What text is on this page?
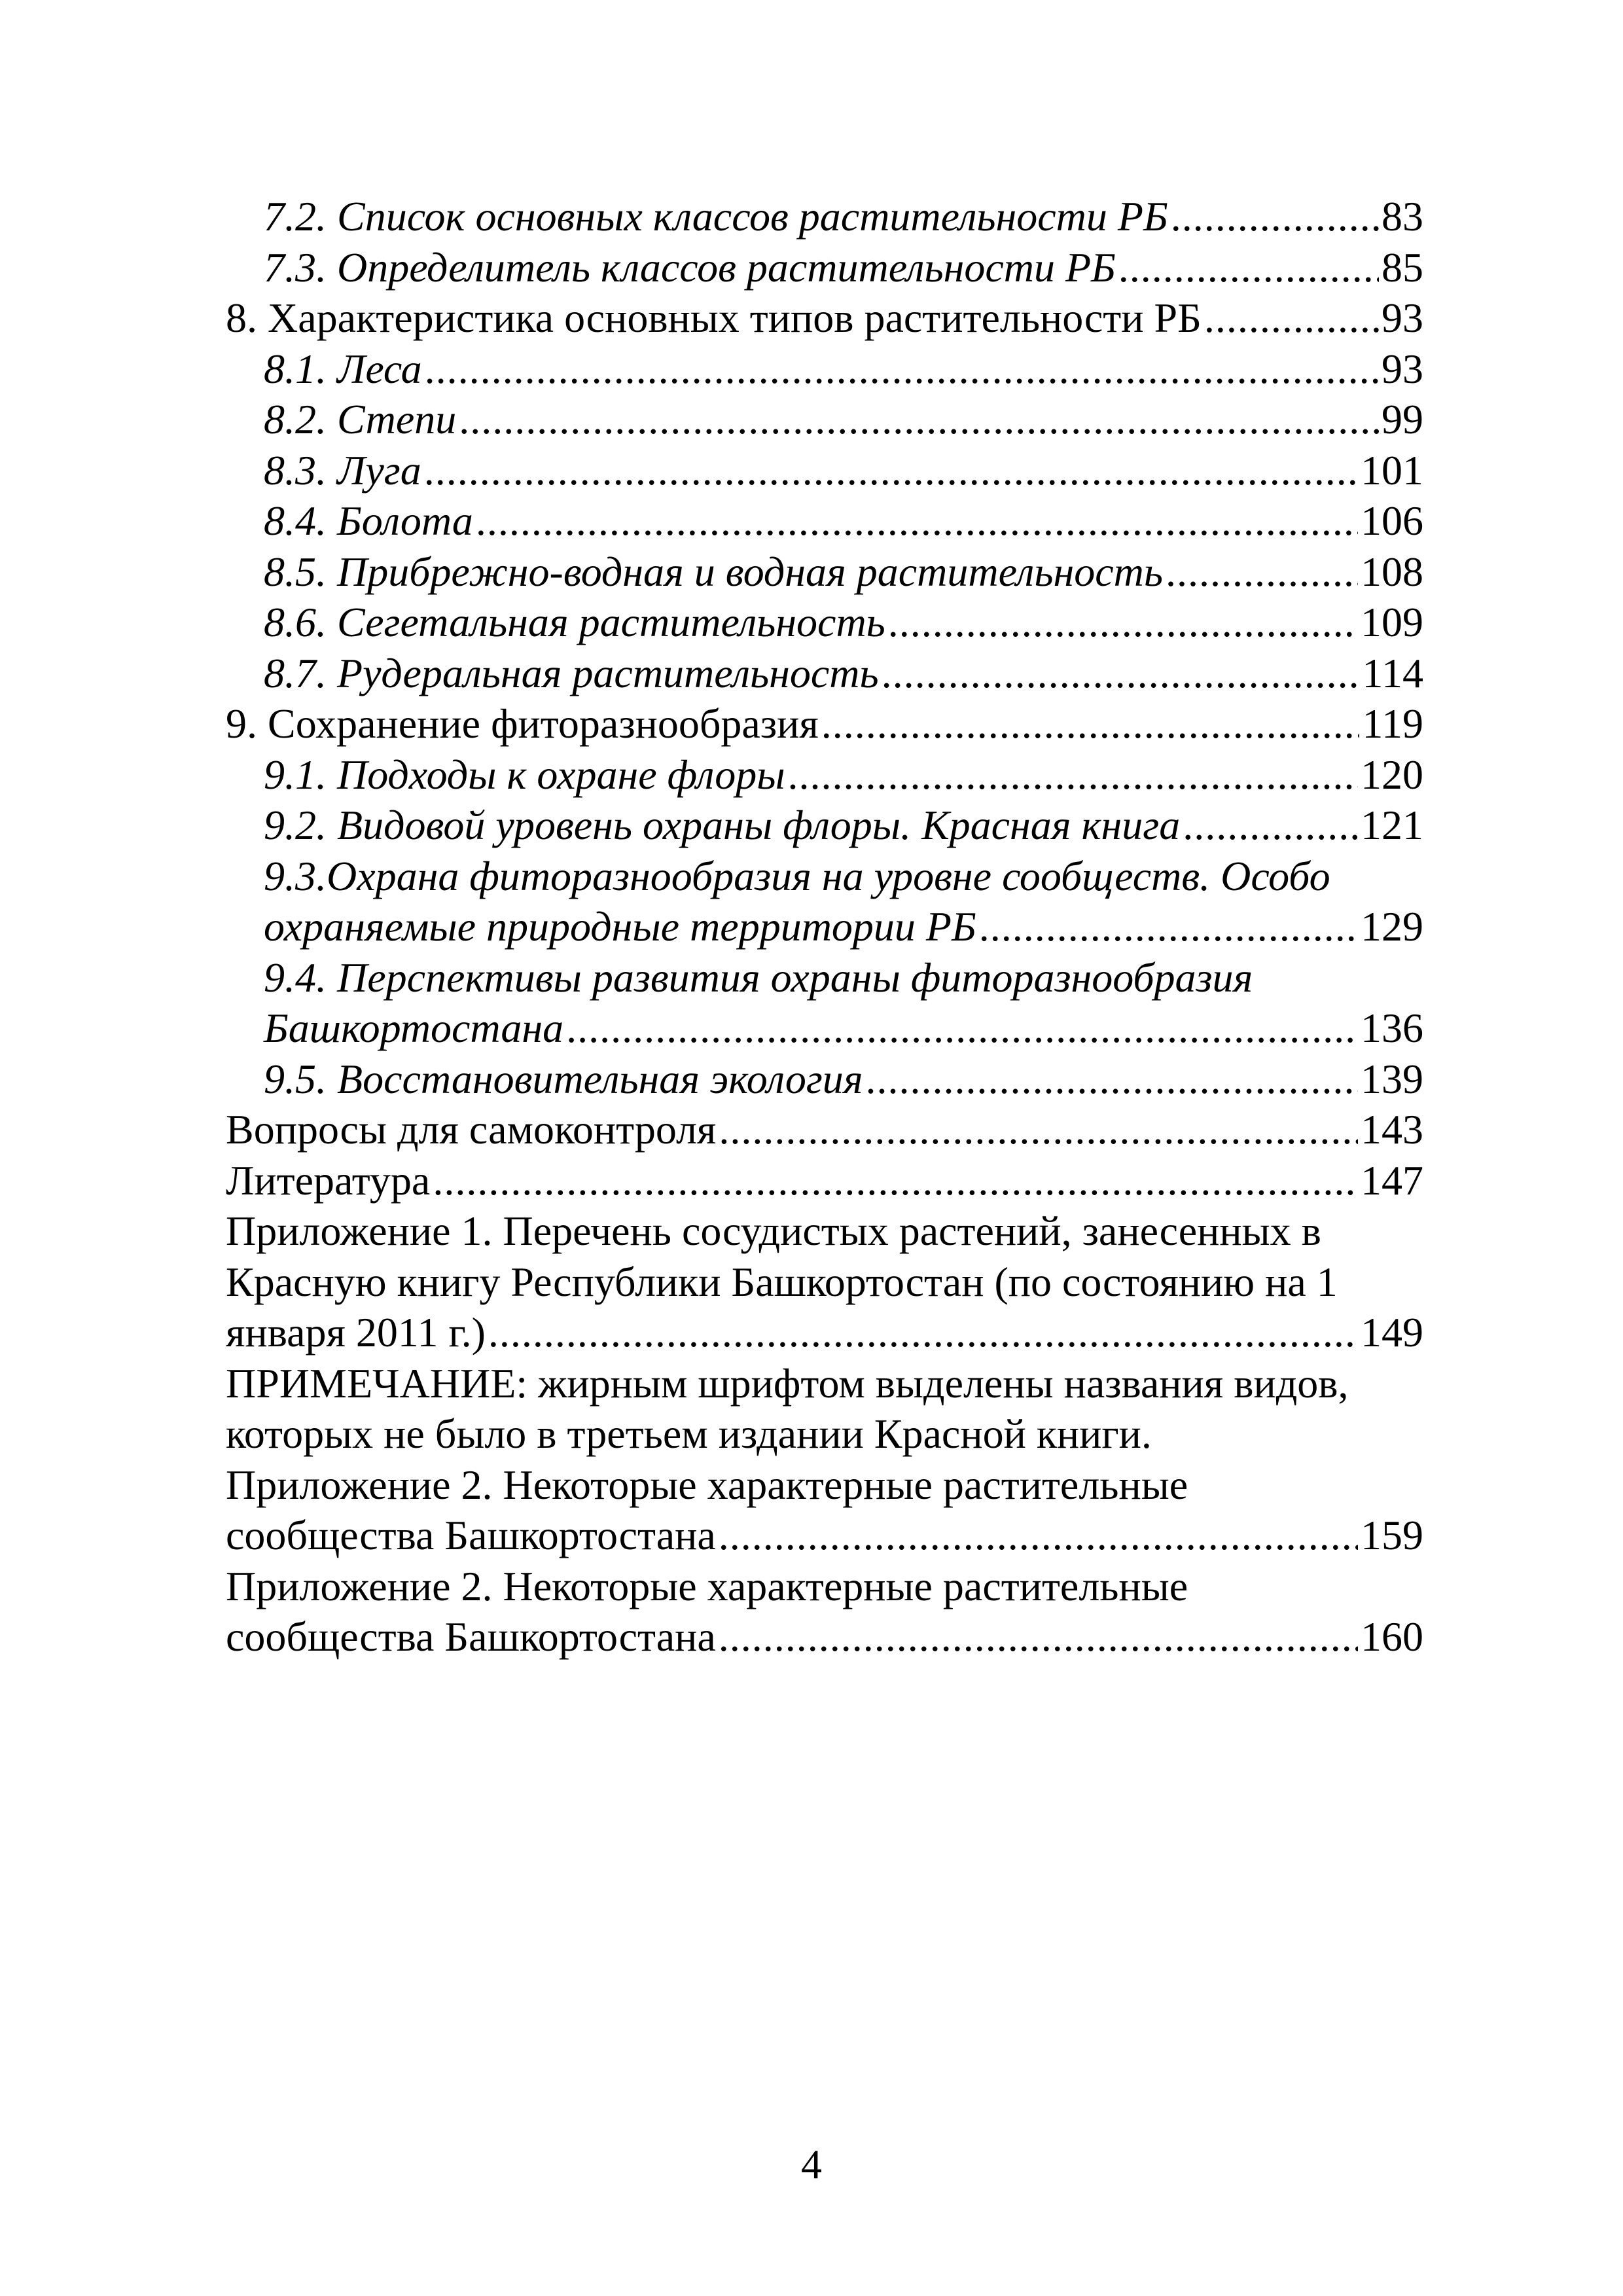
7.2. Список основных классов растительности РБ .....	83
7.3. Определитель классов растительности РБ .....	85
8. Характеристика основных типов растительности РБ .....	93
8.1. Леса .....	93
8.2. Степи .....	99
8.3. Луга .....	101
8.4. Болота .....	106
8.5. Прибрежно-водная и водная растительность .....	108
8.6. Сегетальная растительность .....	109
8.7. Рудеральная растительность .....	114
9. Сохранение фиторазнообразия .....	119
9.1. Подходы к охране флоры .....	120
9.2. Видовой уровень охраны флоры. Красная книга .....	121
9.3.Охрана фиторазнообразия на уровне сообществ. Особо
охраняемые природные территории РБ .....	129
9.4. Перспективы развития охраны фиторазнообразия
Башкортостана .....	136
9.5. Восстановительная экология .....	139
Вопросы для самоконтроля .....	143
Литература .....	147
Приложение 1. Перечень сосудистых растений, занесенных в
Красную книгу Республики Башкортостан (по состоянию на 1
января 2011 г.) .....	149
ПРИМЕЧАНИЕ: жирным шрифтом выделены названия видов,
которых не было в третьем издании Красной книги.
Приложение 2. Некоторые характерные растительные
сообщества Башкортостана .....	159
Приложение 2. Некоторые характерные растительные
сообщества Башкортостана .....	160
4
